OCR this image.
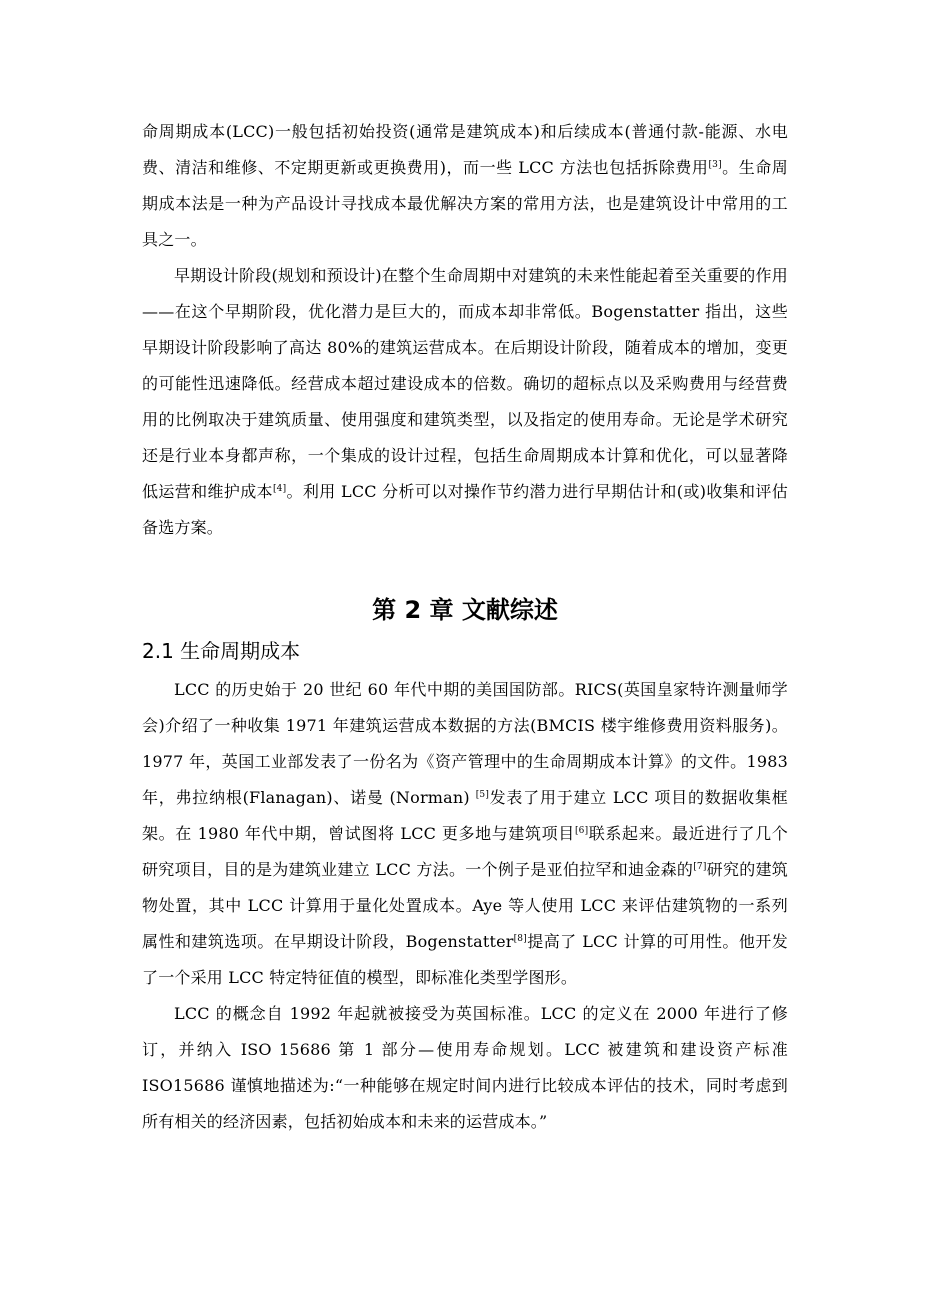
命周期成本(LCC)一般包括初始投资(通常是建筑成本)和后续成本(普通付款-能源、水电费、清洁和维修、不定期更新或更换费用)，而一些 LCC 方法也包括拆除费用[3]。生命周期成本法是一种为产品设计寻找成本最优解决方案的常用方法，也是建筑设计中常用的工具之一。

早期设计阶段(规划和预设计)在整个生命周期中对建筑的未来性能起着至关重要的作用——在这个早期阶段，优化潜力是巨大的，而成本却非常低。Bogenstatter 指出，这些早期设计阶段影响了高达 80%的建筑运营成本。在后期设计阶段，随着成本的增加，变更的可能性迅速降低。经营成本超过建设成本的倍数。确切的超标点以及采购费用与经营费用的比例取决于建筑质量、使用强度和建筑类型，以及指定的使用寿命。无论是学术研究还是行业本身都声称，一个集成的设计过程，包括生命周期成本计算和优化，可以显著降低运营和维护成本[4]。利用 LCC 分析可以对操作节约潜力进行早期估计和(或)收集和评估备选方案。

第 2 章 文献综述
2.1 生命周期成本

LCC 的历史始于 20 世纪 60 年代中期的美国国防部。RICS(英国皇家特许测量师学会)介绍了一种收集 1971 年建筑运营成本数据的方法(BMCIS 楼宇维修费用资料服务)。1977 年，英国工业部发表了一份名为《资产管理中的生命周期成本计算》的文件。1983 年，弗拉纳根(Flanagan)、诺曼 (Norman) [5]发表了用于建立 LCC 项目的数据收集框架。在 1980 年代中期，曾试图将 LCC 更多地与建筑项目[6]联系起来。最近进行了几个研究项目，目的是为建筑业建立 LCC 方法。一个例子是亚伯拉罕和迪金森的[7]研究的建筑物处置，其中 LCC 计算用于量化处置成本。Aye 等人使用 LCC 来评估建筑物的一系列属性和建筑选项。在早期设计阶段，Bogenstatter[8]提高了 LCC 计算的可用性。他开发了一个采用 LCC 特定特征值的模型，即标准化类型学图形。

LCC 的概念自 1992 年起就被接受为英国标准。LCC 的定义在 2000 年进行了修订，并纳入 ISO 15686 第 1 部分—使用寿命规划。LCC 被建筑和建设资产标准 ISO15686 谨慎地描述为:“一种能够在规定时间内进行比较成本评估的技术，同时考虑到所有相关的经济因素，包括初始成本和未来的运营成本。”
